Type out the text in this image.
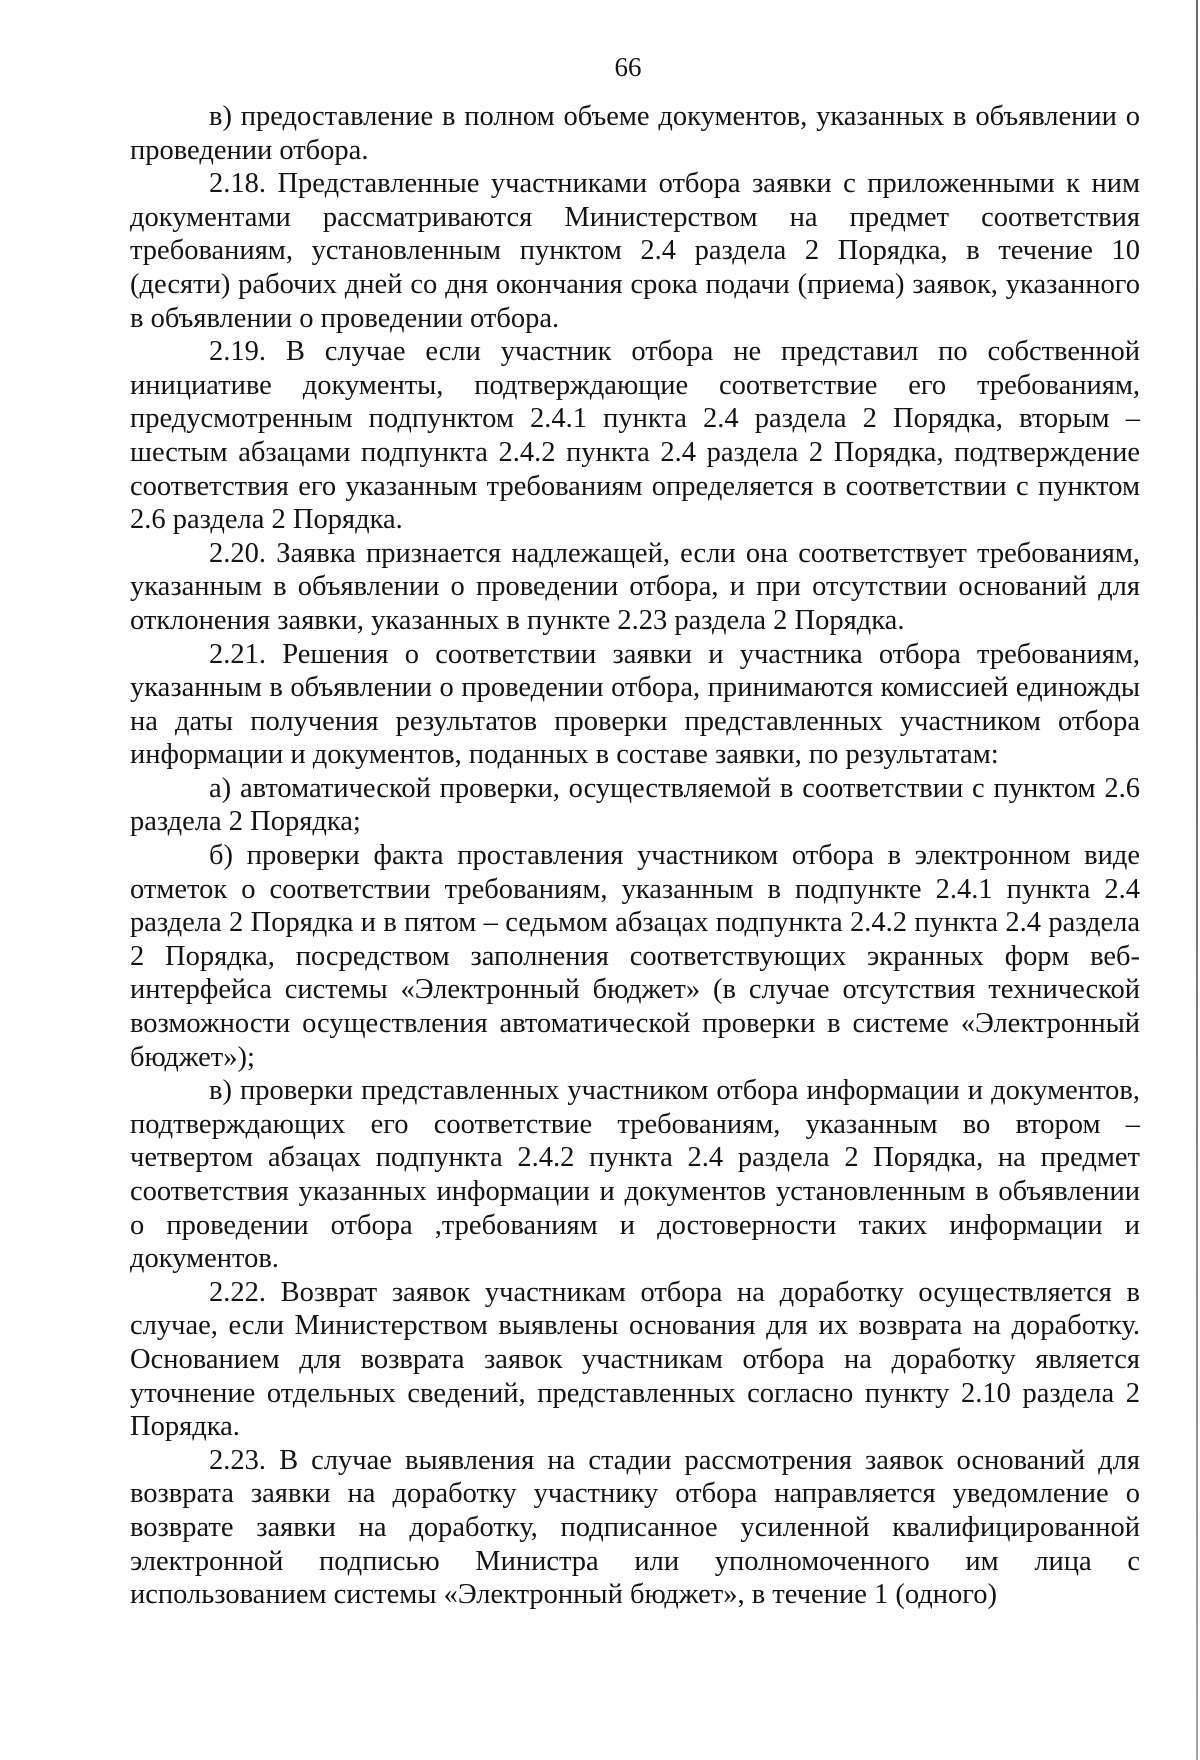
66

в) предоставление в полном объеме документов, указанных в объявлении о проведении отбора.

2.18. Представленные участниками отбора заявки с приложенными к ним документами рассматриваются Министерством на предмет соответствия требованиям, установленным пунктом 2.4 раздела 2 Порядка, в течение 10 (десяти) рабочих дней со дня окончания срока подачи (приема) заявок, указанного в объявлении о проведении отбора.

2.19. В случае если участник отбора не представил по собственной инициативе документы, подтверждающие соответствие его требованиям, предусмотренным подпунктом 2.4.1 пункта 2.4 раздела 2 Порядка, вторым – шестым абзацами подпункта 2.4.2 пункта 2.4 раздела 2 Порядка, подтверждение соответствия его указанным требованиям определяется в соответствии с пунктом 2.6 раздела 2 Порядка.

2.20. Заявка признается надлежащей, если она соответствует требованиям, указанным в объявлении о проведении отбора, и при отсутствии оснований для отклонения заявки, указанных в пункте 2.23 раздела 2 Порядка.

2.21. Решения о соответствии заявки и участника отбора требованиям, указанным в объявлении о проведении отбора, принимаются комиссией единожды на даты получения результатов проверки представленных участником отбора информации и документов, поданных в составе заявки, по результатам:

а) автоматической проверки, осуществляемой в соответствии с пунктом 2.6 раздела 2 Порядка;

б) проверки факта проставления участником отбора в электронном виде отметок о соответствии требованиям, указанным в подпункте 2.4.1 пункта 2.4 раздела 2 Порядка и в пятом – седьмом абзацах подпункта 2.4.2 пункта 2.4 раздела 2 Порядка, посредством заполнения соответствующих экранных форм веб-интерфейса системы «Электронный бюджет» (в случае отсутствия технической возможности осуществления автоматической проверки в системе «Электронный бюджет»);

в) проверки представленных участником отбора информации и документов, подтверждающих его соответствие требованиям, указанным во втором – четвертом абзацах подпункта 2.4.2 пункта 2.4 раздела 2 Порядка, на предмет соответствия указанных информации и документов установленным в объявлении о проведении отбора ,требованиям и достоверности таких информации и документов.

2.22. Возврат заявок участникам отбора на доработку осуществляется в случае, если Министерством выявлены основания для их возврата на доработку. Основанием для возврата заявок участникам отбора на доработку является уточнение отдельных сведений, представленных согласно пункту 2.10 раздела 2 Порядка.

2.23. В случае выявления на стадии рассмотрения заявок оснований для возврата заявки на доработку участнику отбора направляется уведомление о возврате заявки на доработку, подписанное усиленной квалифицированной электронной подписью Министра или уполномоченного им лица с использованием системы «Электронный бюджет», в течение 1 (одного)
